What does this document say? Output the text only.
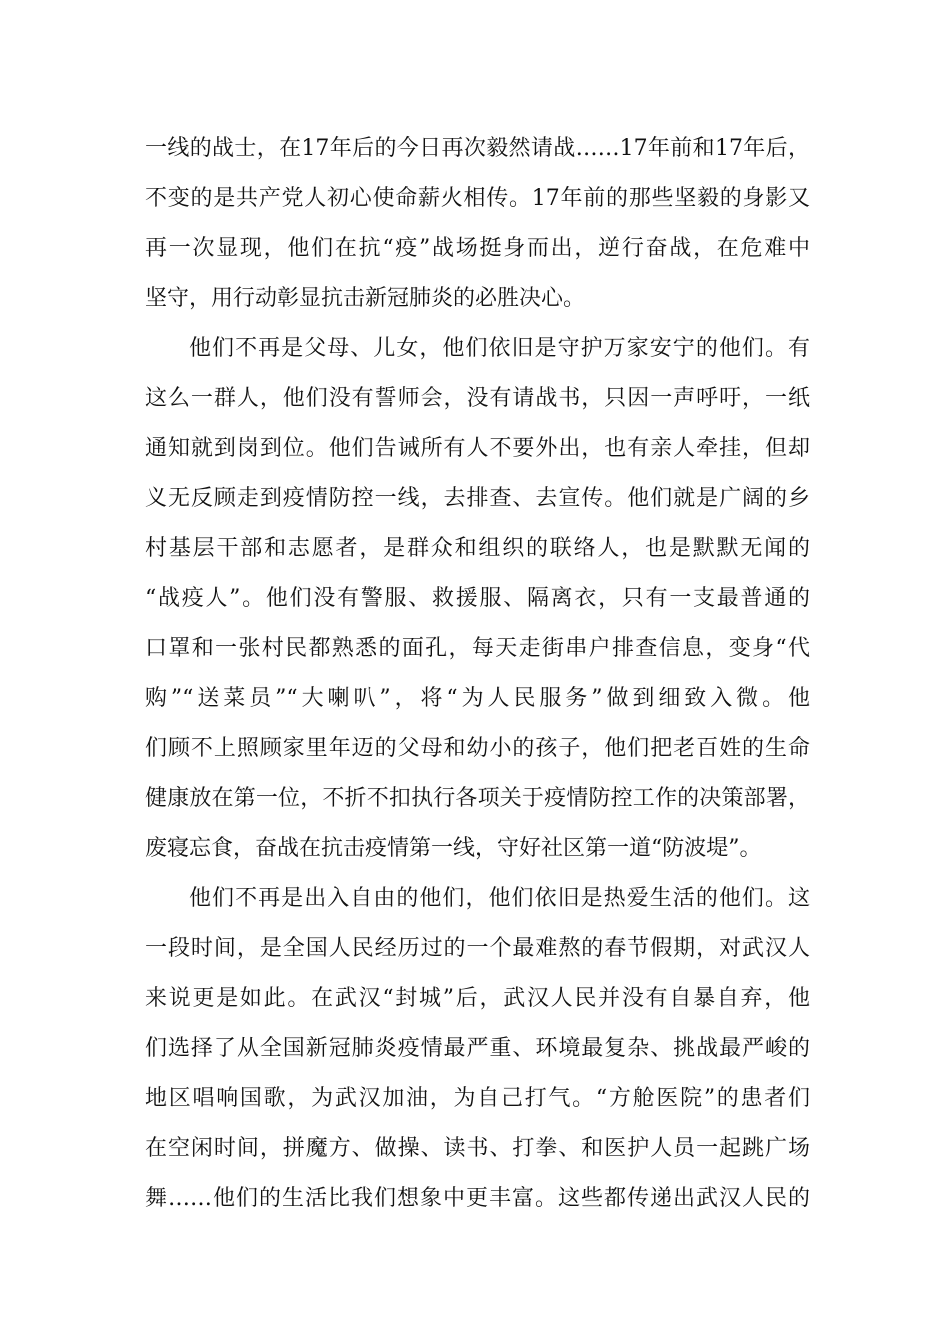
一线的战士，在17年后的今日再次毅然请战……17年前和17年后，
不变的是共产党人初心使命薪火相传。17年前的那些坚毅的身影又
再一次显现，他们在抗“疫”战场挺身而出，逆行奋战，在危难中
坚守，用行动彰显抗击新冠肺炎的必胜决心。
他们不再是父母、儿女，他们依旧是守护万家安宁的他们。有
这么一群人，他们没有誓师会，没有请战书，只因一声呼吁，一纸
通知就到岗到位。他们告诫所有人不要外出，也有亲人牵挂，但却
义无反顾走到疫情防控一线，去排查、去宣传。他们就是广阔的乡
村基层干部和志愿者，是群众和组织的联络人，也是默默无闻的
“战疫人”。他们没有警服、救援服、隔离衣，只有一支最普通的
口罩和一张村民都熟悉的面孔，每天走街串户排查信息，变身“代
购”“送菜员”“大喇叭”，将“为人民服务”做到细致入微。他
们顾不上照顾家里年迈的父母和幼小的孩子，他们把老百姓的生命
健康放在第一位，不折不扣执行各项关于疫情防控工作的决策部署，
废寝忘食，奋战在抗击疫情第一线，守好社区第一道“防波堤”。
他们不再是出入自由的他们，他们依旧是热爱生活的他们。这
一段时间，是全国人民经历过的一个最难熬的春节假期，对武汉人
来说更是如此。在武汉“封城”后，武汉人民并没有自暴自弃，他
们选择了从全国新冠肺炎疫情最严重、环境最复杂、挑战最严峻的
地区唱响国歌，为武汉加油，为自己打气。“方舱医院”的患者们
在空闲时间，拼魔方、做操、读书、打拳、和医护人员一起跳广场
舞……他们的生活比我们想象中更丰富。这些都传递出武汉人民的
